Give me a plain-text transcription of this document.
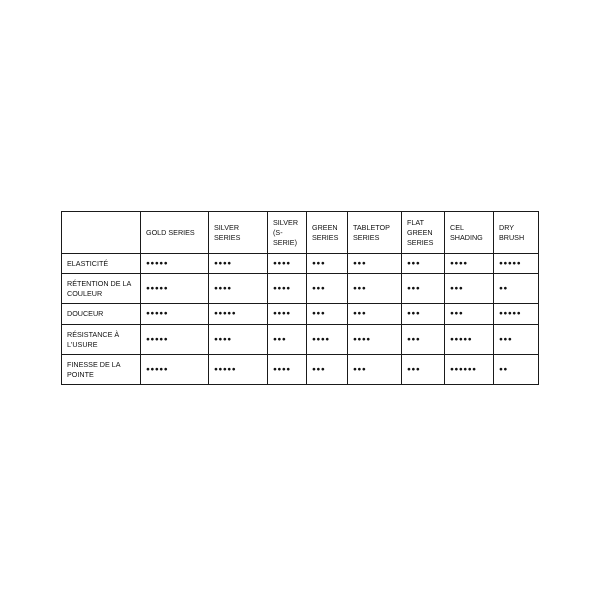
	GOLD SERIES	SILVER SERIES	SILVER (S-SERIE)	GREEN SERIES	TABLETOP SERIES	FLAT GREEN SERIES	CEL SHADING	DRY BRUSH
ELASTICITÉ	●●●●●	●●●●	●●●●	●●●	●●●	●●●	●●●●	●●●●●
RÉTENTION DE LA COULEUR	●●●●●	●●●●	●●●●	●●●	●●●	●●●	●●●	●●
DOUCEUR	●●●●●	●●●●●	●●●●	●●●	●●●	●●●	●●●	●●●●●
RÉSISTANCE À L'USURE	●●●●●	●●●●	●●●	●●●●	●●●●	●●●	●●●●●	●●●
FINESSE DE LA POINTE	●●●●●	●●●●●	●●●●	●●●	●●●	●●●	●●●●●●	●●
